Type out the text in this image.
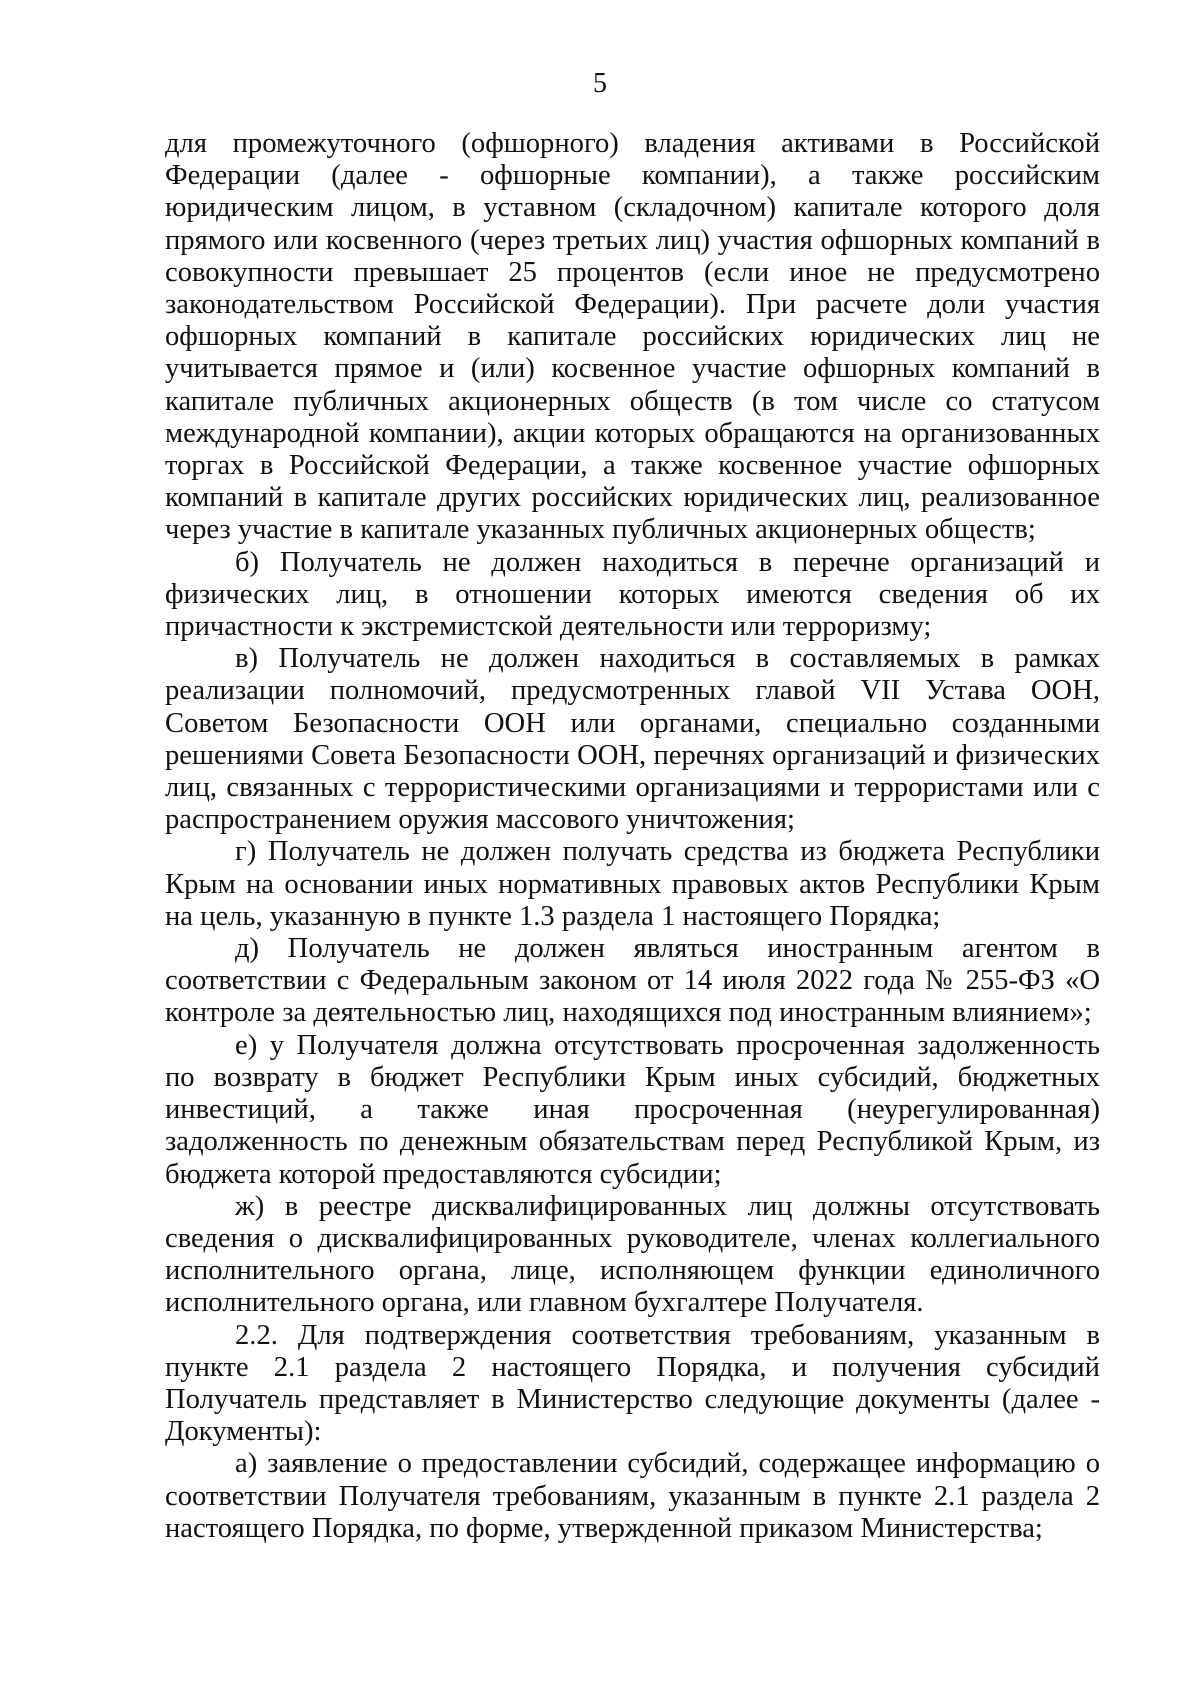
5

для промежуточного (офшорного) владения активами в Российской Федерации (далее - офшорные компании), а также российским юридическим лицом, в уставном (складочном) капитале которого доля прямого или косвенного (через третьих лиц) участия офшорных компаний в совокупности превышает 25 процентов (если иное не предусмотрено законодательством Российской Федерации). При расчете доли участия офшорных компаний в капитале российских юридических лиц не учитывается прямое и (или) косвенное участие офшорных компаний в капитале публичных акционерных обществ (в том числе со статусом международной компании), акции которых обращаются на организованных торгах в Российской Федерации, а также косвенное участие офшорных компаний в капитале других российских юридических лиц, реализованное через участие в капитале указанных публичных акционерных обществ;

б) Получатель не должен находиться в перечне организаций и физических лиц, в отношении которых имеются сведения об их причастности к экстремистской деятельности или терроризму;

в) Получатель не должен находиться в составляемых в рамках реализации полномочий, предусмотренных главой VII Устава ООН, Советом Безопасности ООН или органами, специально созданными решениями Совета Безопасности ООН, перечнях организаций и физических лиц, связанных с террористическими организациями и террористами или с распространением оружия массового уничтожения;

г) Получатель не должен получать средства из бюджета Республики Крым на основании иных нормативных правовых актов Республики Крым на цель, указанную в пункте 1.3 раздела 1 настоящего Порядка;

д) Получатель не должен являться иностранным агентом в соответствии с Федеральным законом от 14 июля 2022 года № 255-ФЗ «О контроле за деятельностью лиц, находящихся под иностранным влиянием»;

е) у Получателя должна отсутствовать просроченная задолженность по возврату в бюджет Республики Крым иных субсидий, бюджетных инвестиций, а также иная просроченная (неурегулированная) задолженность по денежным обязательствам перед Республикой Крым, из бюджета которой предоставляются субсидии;

ж) в реестре дисквалифицированных лиц должны отсутствовать сведения о дисквалифицированных руководителе, членах коллегиального исполнительного органа, лице, исполняющем функции единоличного исполнительного органа, или главном бухгалтере Получателя.

2.2. Для подтверждения соответствия требованиям, указанным в пункте 2.1 раздела 2 настоящего Порядка, и получения субсидий Получатель представляет в Министерство следующие документы (далее - Документы):

а) заявление о предоставлении субсидий, содержащее информацию о соответствии Получателя требованиям, указанным в пункте 2.1 раздела 2 настоящего Порядка, по форме, утвержденной приказом Министерства;
